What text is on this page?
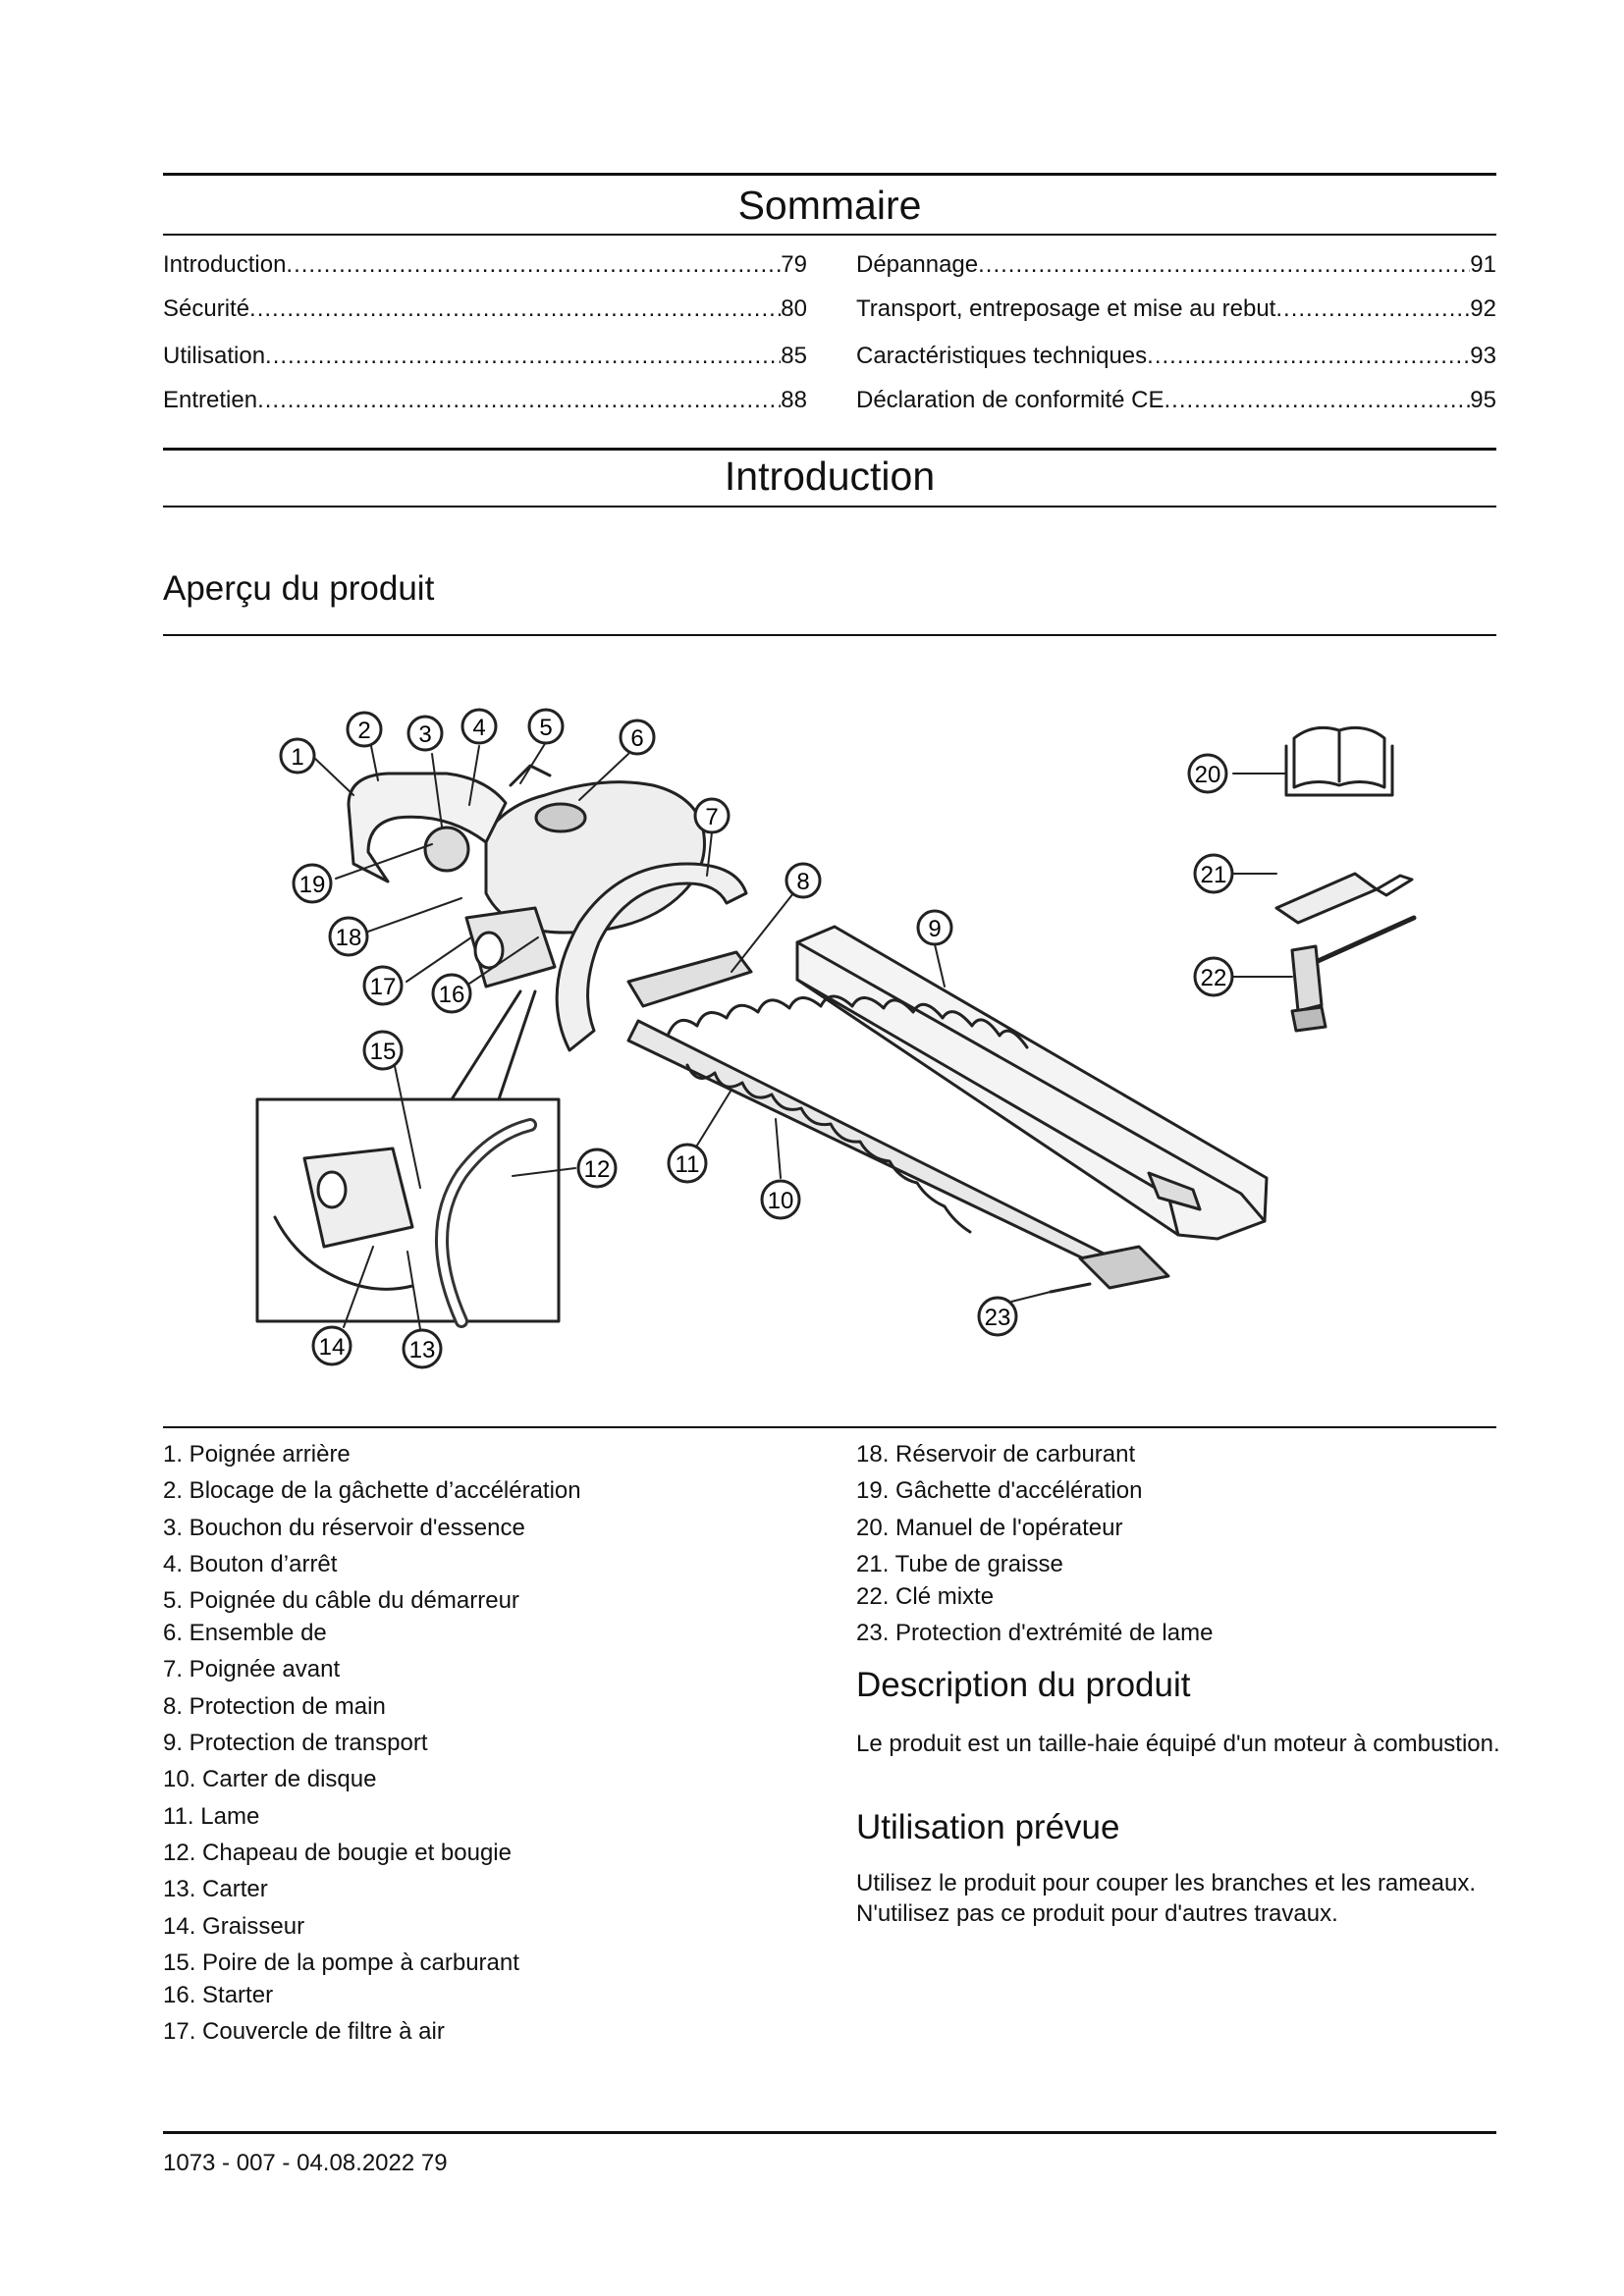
Sommaire
Introduction .....	79
Sécurité .....	80
Utilisation .....	85
Entretien .....	88
Dépannage .....	91
Transport, entreposage et mise au rebut .....	92
Caractéristiques techniques .....	93
Déclaration de conformité CE .....	95
Introduction
Aperçu du produit
1
2 3 4 5	6
7
8
9
10
11
12
13
14
15
16
17
18
19
20
21
22
23
1. Poignée arrière
2. Blocage de la gâchette d’accélération
3. Bouchon du réservoir d'essence
4. Bouton d’arrêt
5. Poignée du câble du démarreur
6. Ensemble de
7. Poignée avant
8. Protection de main
9. Protection de transport
10. Carter de disque
11. Lame
12. Chapeau de bougie et bougie
13. Carter
14. Graisseur
15. Poire de la pompe à carburant
16. Starter
17. Couvercle de filtre à air
18. Réservoir de carburant
19. Gâchette d'accélération
20. Manuel de l'opérateur
21. Tube de graisse
22. Clé mixte
23. Protection d'extrémité de lame
Description du produit
Le produit est un taille-haie équipé d'un moteur à combustion.
Utilisation prévue
Utilisez le produit pour couper les branches et les rameaux. N'utilisez pas ce produit pour d'autres travaux.
1073 - 007 - 04.08.2022 79
